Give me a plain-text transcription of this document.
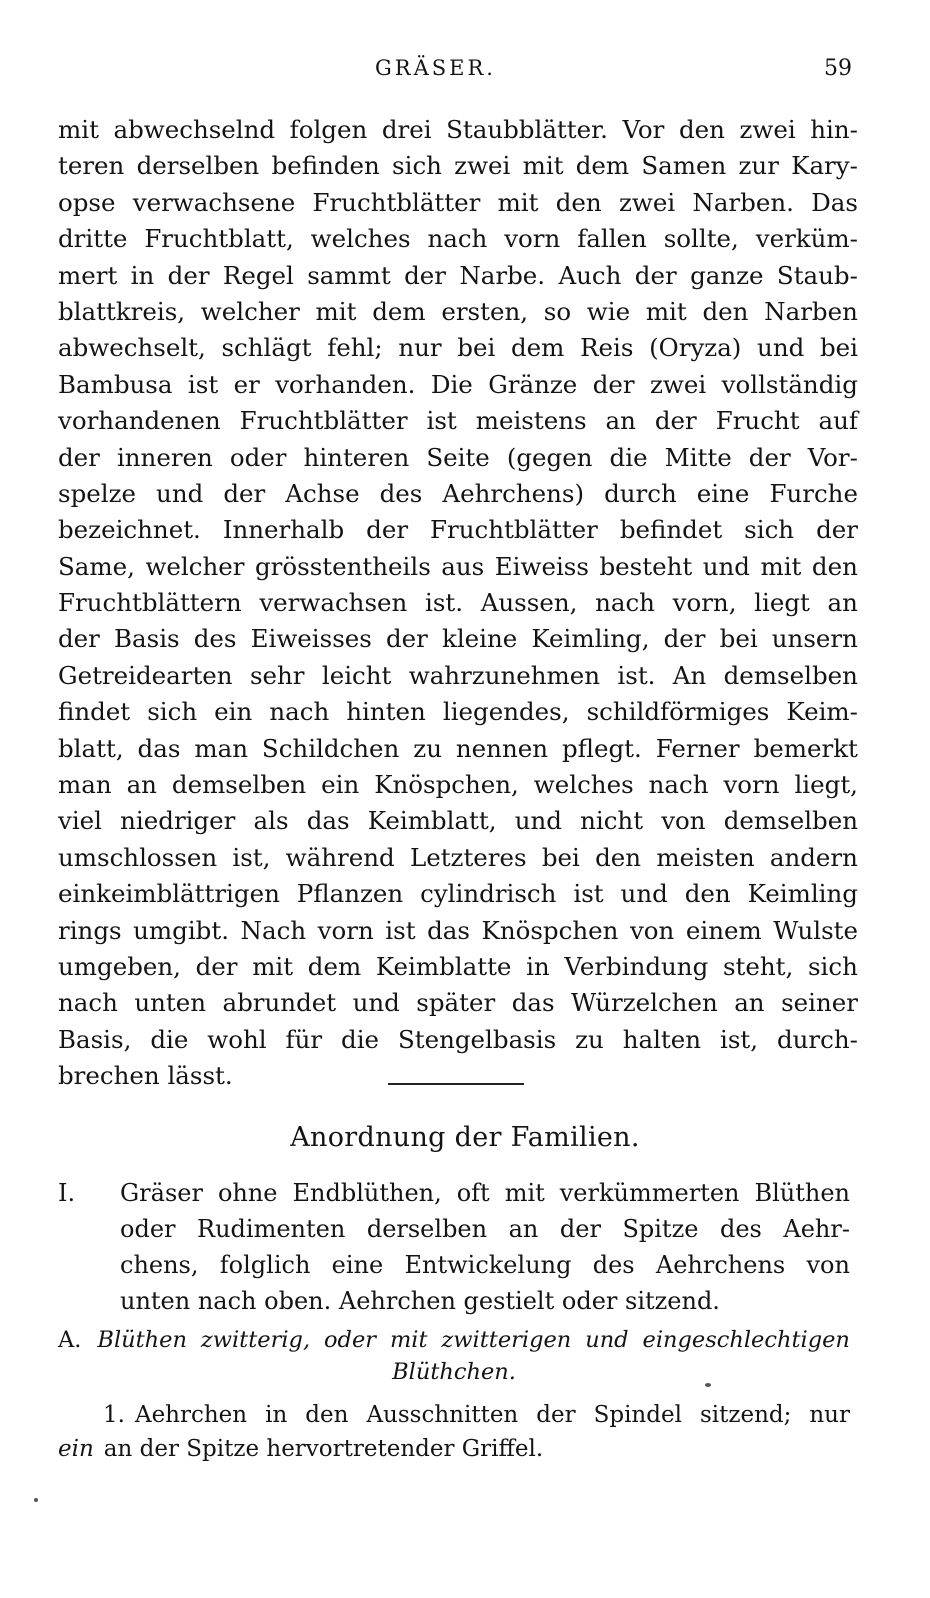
GRÄSER.	59
mit abwechselnd folgen drei Staubblätter. Vor den zwei hin-
teren derselben befinden sich zwei mit dem Samen zur Kary-
opse verwachsene Fruchtblätter mit den zwei Narben. Das
dritte Fruchtblatt, welches nach vorn fallen sollte, verküm-
mert in der Regel sammt der Narbe. Auch der ganze Staub-
blattkreis, welcher mit dem ersten, so wie mit den Narben
abwechselt, schlägt fehl; nur bei dem Reis (Oryza) und bei
Bambusa ist er vorhanden. Die Gränze der zwei vollständig
vorhandenen Fruchtblätter ist meistens an der Frucht auf
der inneren oder hinteren Seite (gegen die Mitte der Vor-
spelze und der Achse des Aehrchens) durch eine Furche
bezeichnet. Innerhalb der Fruchtblätter befindet sich der
Same, welcher grösstentheils aus Eiweiss besteht und mit den
Fruchtblättern verwachsen ist. Aussen, nach vorn, liegt an
der Basis des Eiweisses der kleine Keimling, der bei unsern
Getreidearten sehr leicht wahrzunehmen ist. An demselben
findet sich ein nach hinten liegendes, schildförmiges Keim-
blatt, das man Schildchen zu nennen pflegt. Ferner bemerkt
man an demselben ein Knöspchen, welches nach vorn liegt,
viel niedriger als das Keimblatt, und nicht von demselben
umschlossen ist, während Letzteres bei den meisten andern
einkeimblättrigen Pflanzen cylindrisch ist und den Keimling
rings umgibt. Nach vorn ist das Knöspchen von einem Wulste
umgeben, der mit dem Keimblatte in Verbindung steht, sich
nach unten abrundet und später das Würzelchen an seiner
Basis, die wohl für die Stengelbasis zu halten ist, durch-
brechen lässt.
Anordnung der Familien.
I. Gräser ohne Endblüthen, oft mit verkümmerten Blüthen
oder Rudimenten derselben an der Spitze des Aehr-
chens, folglich eine Entwickelung des Aehrchens von
unten nach oben. Aehrchen gestielt oder sitzend.
A. Blüthen zwitterig, oder mit zwitterigen und eingeschlechtigen
Blüthchen.
1. Aehrchen in den Ausschnitten der Spindel sitzend; nur
ein an der Spitze hervortretender Griffel.
